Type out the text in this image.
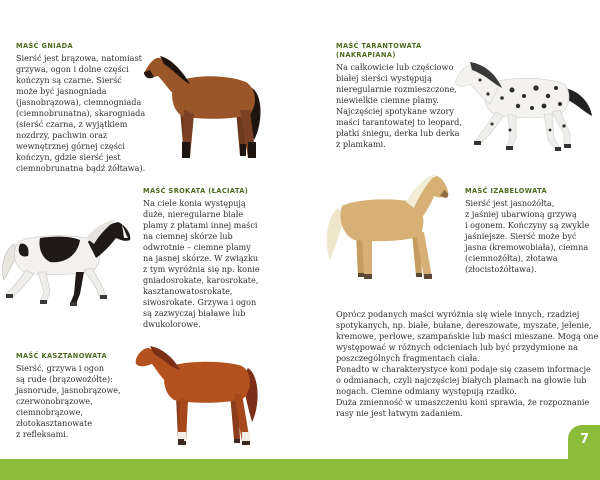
MAŚĆ GNIADA
Sierść jest brązowa, natomiast
grzywa, ogon i dolne części
kończyn są czarne. Sierść
może być jasnogniada
(jasnobrązowa), ciemnogniada
(ciemnobrunatna), skarogniada
(sierść czarna, z wyjątkiem
nozdrzy, pachwin oraz
wewnętrznej górnej części
kończyn, gdzie sierść jest
ciemnobrunatna bądź żółtawa).
MAŚĆ SROKATA (ŁACIATA)
Na ciele konia występują
duże, nieregularne białe
plamy z płatami innej maści
na ciemnej skórze lub
odwrotnie – ciemne plamy
na jasnej skórze. W związku
z tym wyróżnia się np. konie
gniadosrokate, karosrokate,
kasztanowatosrokate,
siwosrokate. Grzywa i ogon
są zazwyczaj białawe lub
dwukolorowe.
MAŚĆ KASZTANOWATA
Sierść, grzywa i ogon
są rude (brązowożółte):
jasnorude, jasnobrązowe,
czerwonobrązowe,
ciemnobrązowe,
złotokasztanowate
z refleksami.
MAŚĆ TARANTOWATA
(NAKRAPIANA)
Na całkowicie lub częściowo
białej sierści występują
nieregularnie rozmieszczone,
niewielkie ciemne plamy.
Najczęściej spotykane wzory
maści tarantowatej to leopard,
płatki śniegu, derka lub derka
z plamkami.
MAŚĆ IZABELOWATA
Sierść jest jasnożółta,
z jaśniej ubarwioną grzywą
i ogonem. Kończyny są zwykle
jaśniejsze. Sierść może być
jasna (kremowobiała), ciemna
(ciemnożółta), złotawa
(złocistożółtawa).
Oprócz podanych maści wyróżnia się wiele innych, rzadziej
spotykanych, np. białe, bułane, dereszowate, myszate, jelenie,
kremowe, perłowe, szampańskie lub maści mieszane. Mogą one
występować w różnych odcieniach lub być przydymione na
poszczególnych fragmentach ciała.
Ponadto w charakterystyce koni podaje się czasem informacje
o odmianach, czyli najczęściej białych plamach na głowie lub
nogach. Ciemne odmiany występują rzadko.
Duża zmienność w umaszczeniu koni sprawia, że rozpoznanie
rasy nie jest łatwym zadaniem.
7
